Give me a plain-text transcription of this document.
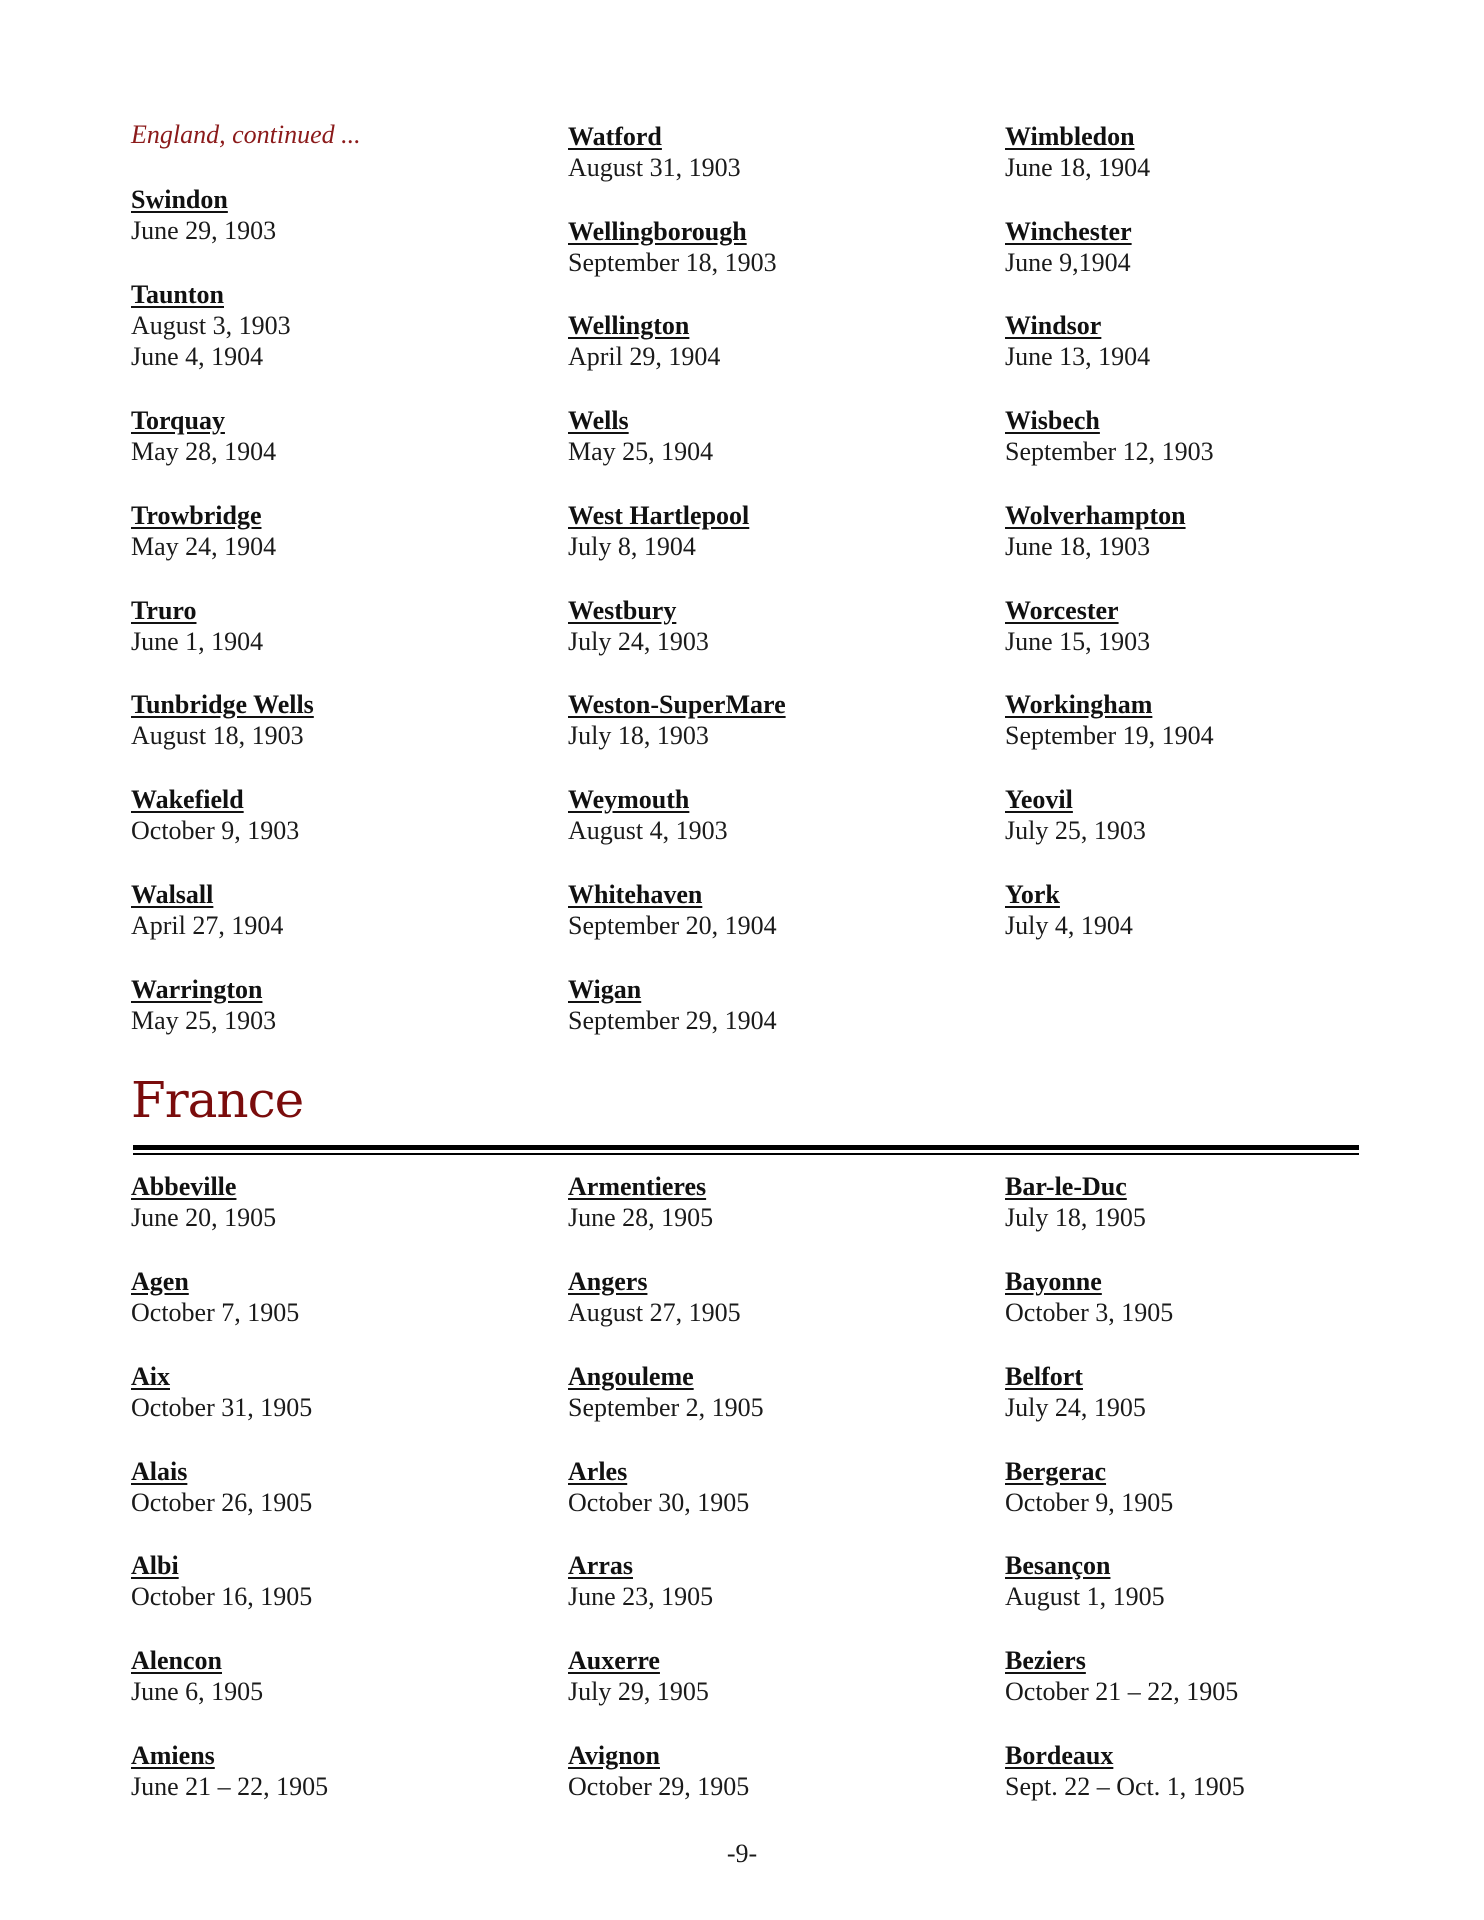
England, continued ...
Swindon
June 29, 1903
Taunton
August 3, 1903
June 4, 1904
Torquay
May 28, 1904
Trowbridge
May 24, 1904
Truro
June 1, 1904
Tunbridge Wells
August 18, 1903
Wakefield
October 9, 1903
Walsall
April 27, 1904
Warrington
May 25, 1903
Watford
August 31, 1903
Wellingborough
September 18, 1903
Wellington
April 29, 1904
Wells
May 25, 1904
West Hartlepool
July 8, 1904
Westbury
July 24, 1903
Weston-SuperMare
July 18, 1903
Weymouth
August 4, 1903
Whitehaven
September 20, 1904
Wigan
September 29, 1904
Wimbledon
June 18, 1904
Winchester
June 9,1904
Windsor
June 13, 1904
Wisbech
September 12, 1903
Wolverhampton
June 18, 1903
Worcester
June 15, 1903
Workingham
September 19, 1904
Yeovil
July 25, 1903
York
July 4, 1904
France
Abbeville
June 20, 1905
Agen
October 7, 1905
Aix
October 31, 1905
Alais
October 26, 1905
Albi
October 16, 1905
Alencon
June 6, 1905
Amiens
June 21 – 22, 1905
Armentieres
June 28, 1905
Angers
August 27, 1905
Angouleme
September 2, 1905
Arles
October 30, 1905
Arras
June 23, 1905
Auxerre
July 29, 1905
Avignon
October 29, 1905
Bar-le-Duc
July 18, 1905
Bayonne
October 3, 1905
Belfort
July 24, 1905
Bergerac
October 9, 1905
Besançon
August 1, 1905
Beziers
October 21 – 22, 1905
Bordeaux
Sept. 22 – Oct. 1, 1905
-9-
